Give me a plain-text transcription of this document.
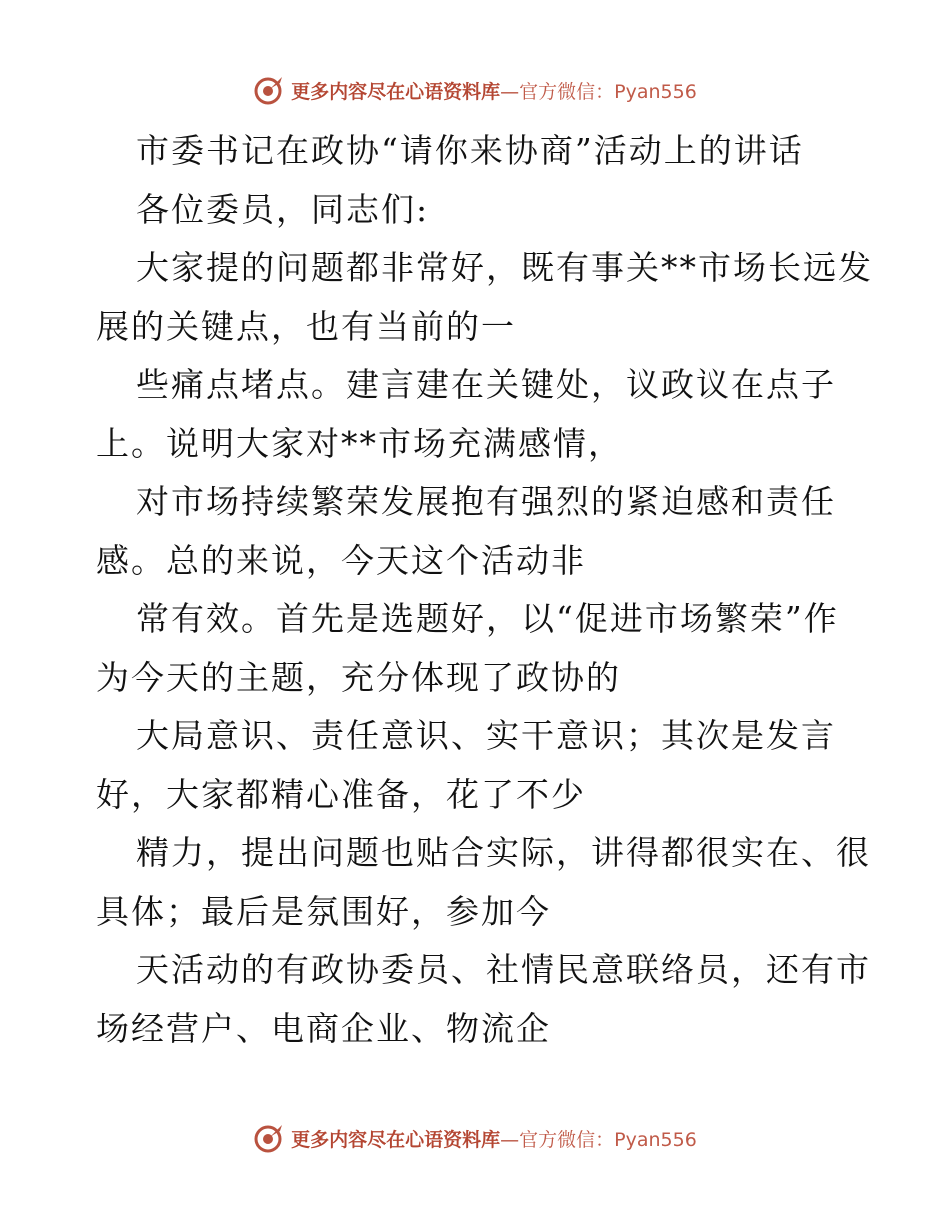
更多内容尽在心语资料库—官方微信：Pyan556
市委书记在政协“请你来协商”活动上的讲话
各位委员，同志们:
大家提的问题都非常好，既有事关**市场长远发
展的关键点，也有当前的一
些痛点堵点。建言建在关键处，议政议在点子
上。说明大家对**市场充满感情，
对市场持续繁荣发展抱有强烈的紧迫感和责任
感。总的来说，今天这个活动非
常有效。首先是选题好，以“促进市场繁荣”作
为今天的主题，充分体现了政协的
大局意识、责任意识、实干意识；其次是发言
好，大家都精心准备，花了不少
精力，提出问题也贴合实际，讲得都很实在、很
具体；最后是氛围好，参加今
天活动的有政协委员、社情民意联络员，还有市
场经营户、电商企业、物流企
更多内容尽在心语资料库—官方微信：Pyan556
